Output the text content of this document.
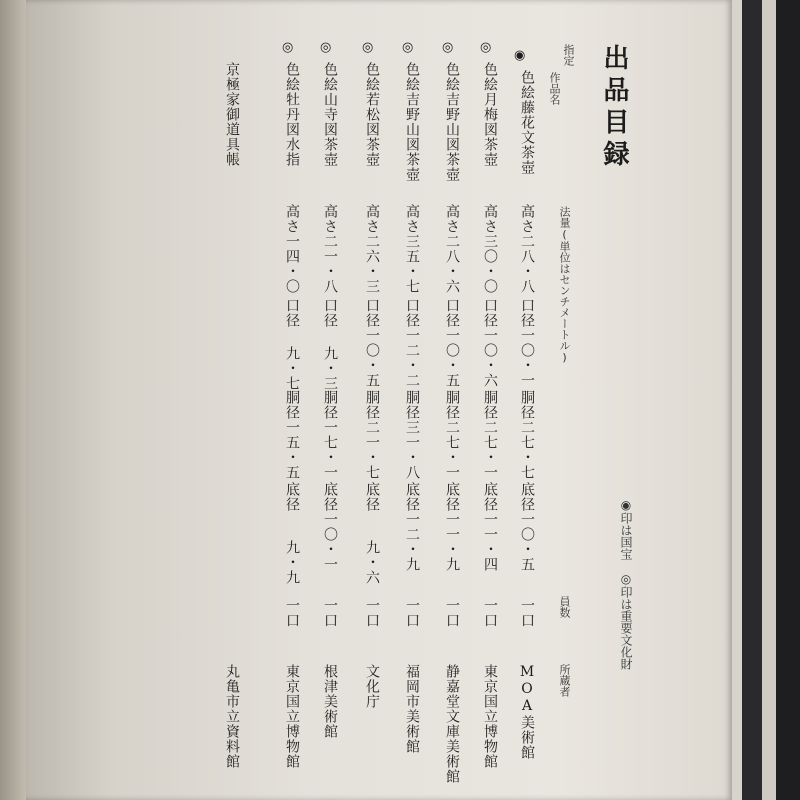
出品目録
指定
作品名
法量(単位はセンチメートル)
員数
所蔵者
◉印は国宝
◎印は重要文化財
◉
色絵藤花文茶壺
高さ二八・八
口径一〇・一
胴径二七・七
底径一〇・五
一口
MOA美術館
◎
色絵月梅図茶壺
高さ三〇・〇
口径一〇・六
胴径二七・一
底径一一・四
一口
東京国立博物館
◎
色絵吉野山図茶壺
高さ二八・六
口径一〇・五
胴径二七・一
底径一一・九
一口
静嘉堂文庫美術館
◎
色絵吉野山図茶壺
高さ三五・七
口径一二・二
胴径三一・八
底径一二・九
一口
福岡市美術館
◎
色絵若松図茶壺
高さ二六・三
口径一〇・五
胴径二一・七
底径
九・六
一口
文化庁
◎
色絵山寺図茶壺
高さ二一・八
口径
九・三
胴径一七・一
底径一〇・一
一口
根津美術館
◎
色絵牡丹図水指
高さ一四・〇
口径
九・七
胴径一五・五
底径
九・九
一口
東京国立博物館
京極家御道具帳
丸亀市立資料館
